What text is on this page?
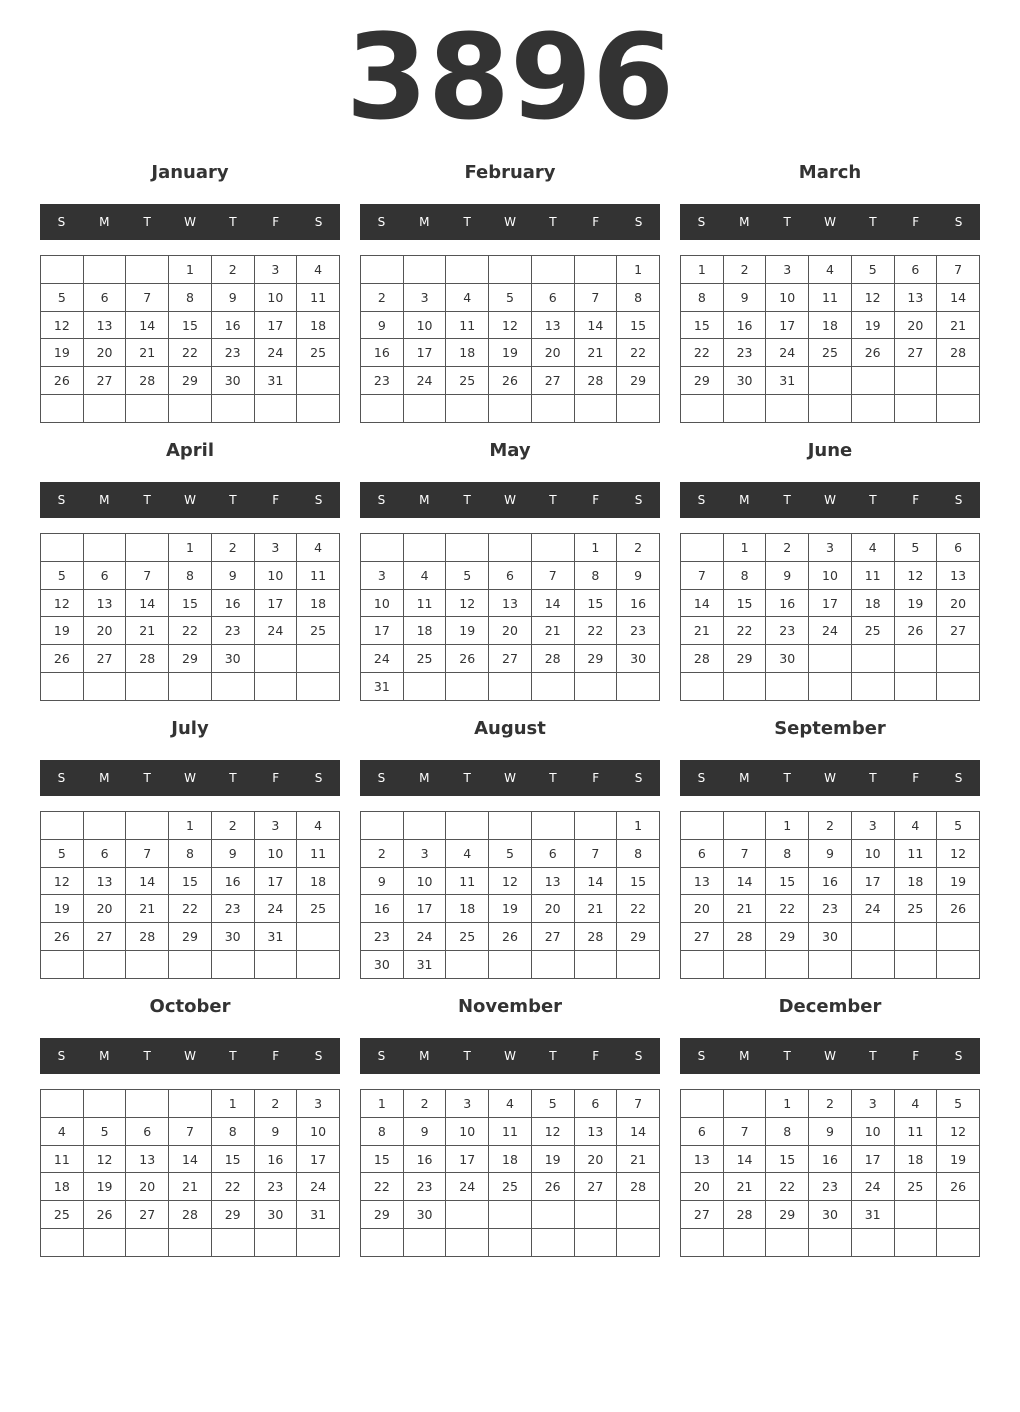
3896
January
S	M	T	W	T	F	S
			1	2	3	4
5	6	7	8	9	10	11
12	13	14	15	16	17	18
19	20	21	22	23	24	25
26	27	28	29	30	31	

February
S	M	T	W	T	F	S
						1
2	3	4	5	6	7	8
9	10	11	12	13	14	15
16	17	18	19	20	21	22
23	24	25	26	27	28	29

March
S	M	T	W	T	F	S
1	2	3	4	5	6	7
8	9	10	11	12	13	14
15	16	17	18	19	20	21
22	23	24	25	26	27	28
29	30	31				

April
S	M	T	W	T	F	S
			1	2	3	4
5	6	7	8	9	10	11
12	13	14	15	16	17	18
19	20	21	22	23	24	25
26	27	28	29	30		

May
S	M	T	W	T	F	S
					1	2
3	4	5	6	7	8	9
10	11	12	13	14	15	16
17	18	19	20	21	22	23
24	25	26	27	28	29	30
31						
June
S	M	T	W	T	F	S
	1	2	3	4	5	6
7	8	9	10	11	12	13
14	15	16	17	18	19	20
21	22	23	24	25	26	27
28	29	30				

July
S	M	T	W	T	F	S
			1	2	3	4
5	6	7	8	9	10	11
12	13	14	15	16	17	18
19	20	21	22	23	24	25
26	27	28	29	30	31	

August
S	M	T	W	T	F	S
						1
2	3	4	5	6	7	8
9	10	11	12	13	14	15
16	17	18	19	20	21	22
23	24	25	26	27	28	29
30	31					
September
S	M	T	W	T	F	S
		1	2	3	4	5
6	7	8	9	10	11	12
13	14	15	16	17	18	19
20	21	22	23	24	25	26
27	28	29	30			

October
S	M	T	W	T	F	S
				1	2	3
4	5	6	7	8	9	10
11	12	13	14	15	16	17
18	19	20	21	22	23	24
25	26	27	28	29	30	31

November
S	M	T	W	T	F	S
1	2	3	4	5	6	7
8	9	10	11	12	13	14
15	16	17	18	19	20	21
22	23	24	25	26	27	28
29	30					

December
S	M	T	W	T	F	S
		1	2	3	4	5
6	7	8	9	10	11	12
13	14	15	16	17	18	19
20	21	22	23	24	25	26
27	28	29	30	31		
